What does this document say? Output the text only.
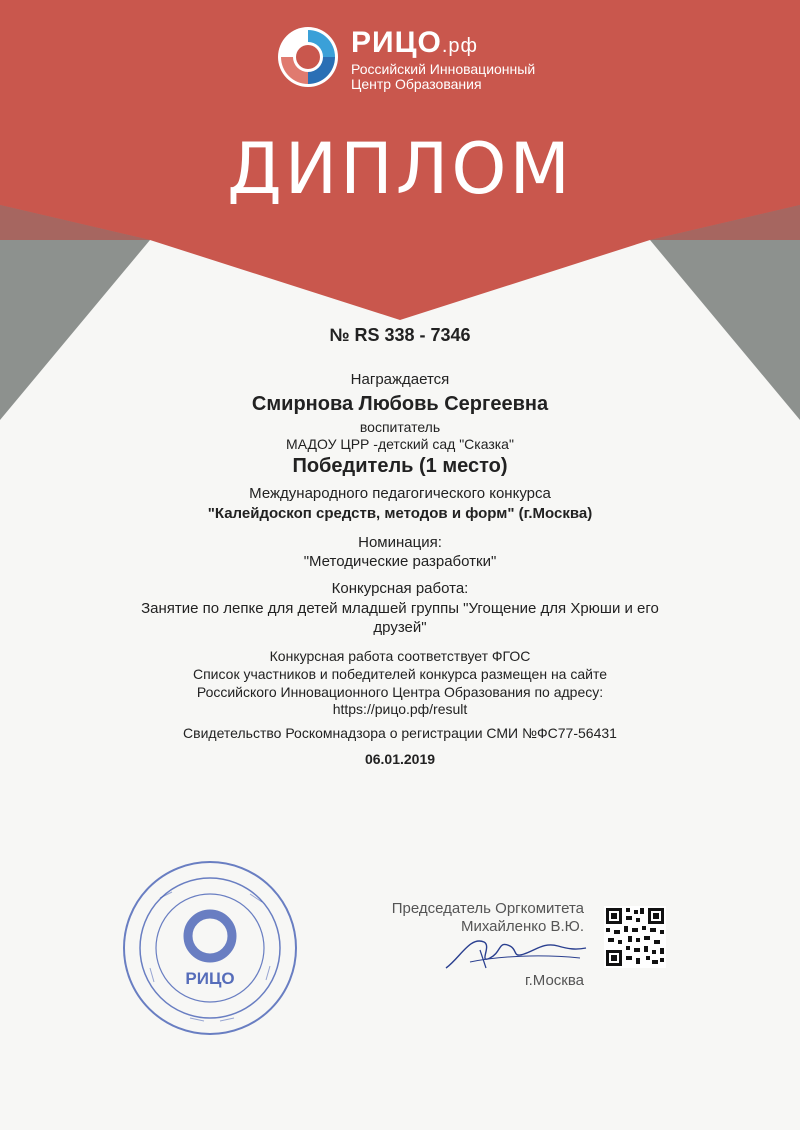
РИЦО.рф
Российский Инновационный
Центр Образования
ДИПЛОМ
№ RS 338 - 7346
Награждается
Смирнова Любовь Сергеевна
воспитатель
МАДОУ ЦРР -детский сад "Сказка"
Победитель (1 место)
Международного педагогического конкурса
"Калейдоскоп средств, методов и форм" (г.Москва)
Номинация:
"Методические разработки"
Конкурсная работа:
Занятие по лепке для детей младшей группы "Угощение для Хрюши и его
друзей"
Конкурсная работа соответствует ФГОС
Список участников и победителей конкурса размещен на сайте
Российского Инновационного Центра Образования по адресу:
https://рицо.рф/result
Свидетельство Роскомнадзора о регистрации СМИ №ФС77-56431
06.01.2019
РИЦО
Председатель Оргкомитета
Михайленко В.Ю.
г.Москва
